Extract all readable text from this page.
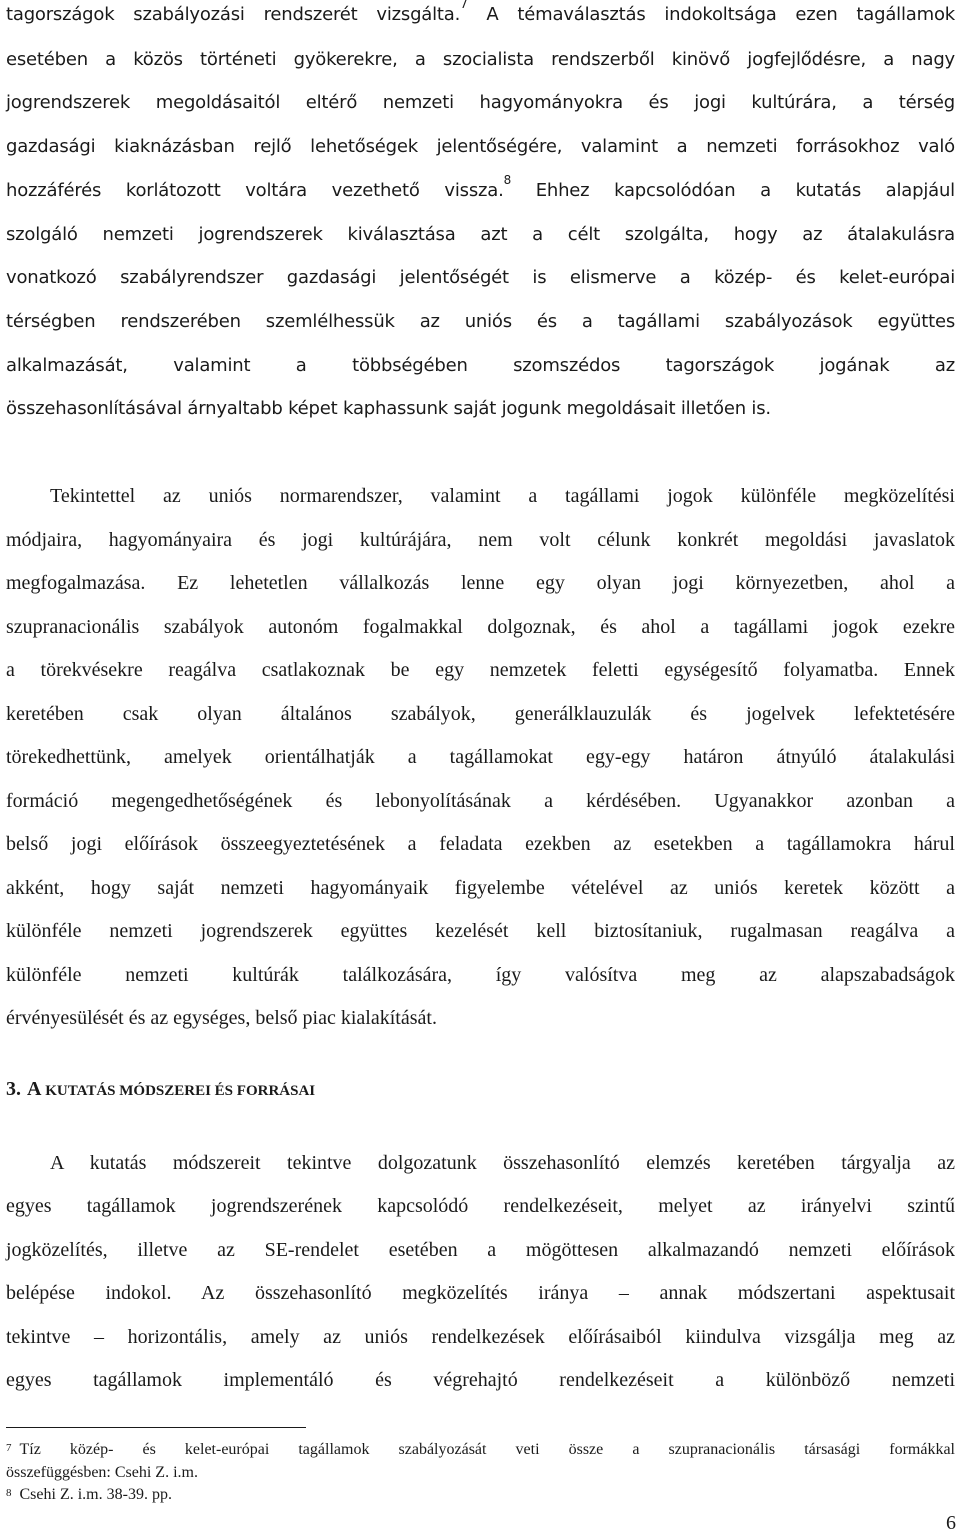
tagországok szabályozási rendszerét vizsgálta.$^7$ A témaválasztás indokoltsága ezen tagállamok
esetében a közös történeti gyökerekre, a szocialista rendszerből kinövő jogfejlődésre, a nagy
jogrendszerek megoldásaitól eltérő nemzeti hagyományokra és jogi kultúrára, a térség
gazdasági kiaknázásban rejlő lehetőségek jelentőségére, valamint a nemzeti forrásokhoz való
hozzáférés korlátozott voltára vezethető vissza.$^8$ Ehhez kapcsolódóan a kutatás alapjául
szolgáló nemzeti jogrendszerek kiválasztása azt a célt szolgálta, hogy az átalakulásra
vonatkozó szabályrendszer gazdasági jelentőségét is elismerve a közép- és kelet-európai
térségben rendszerében szemlélhessük az uniós és a tagállami szabályozások együttes
alkalmazását, valamint a többségében szomszédos tagországok jogának az
összehasonlításával árnyaltabb képet kaphassunk saját jogunk megoldásait illetően is.
Tekintettel az uniós normarendszer, valamint a tagállami jogok különféle megközelítési
módjaira, hagyományaira és jogi kultúrájára, nem volt célunk konkrét megoldási javaslatok
megfogalmazása. Ez lehetetlen vállalkozás lenne egy olyan jogi környezetben, ahol a
szupranacionális szabályok autonóm fogalmakkal dolgoznak, és ahol a tagállami jogok ezekre
a törekvésekre reagálva csatlakoznak be egy nemzetek feletti egységesítő folyamatba. Ennek
keretében csak olyan általános szabályok, generálklauzulák és jogelvek lefektetésére
törekedhettünk, amelyek orientálhatják a tagállamokat egy-egy határon átnyúló átalakulási
formáció megengedhetőségének és lebonyolításának a kérdésében. Ugyanakkor azonban a
belső jogi előírások összeegyeztetésének a feladata ezekben az esetekben a tagállamokra hárul
akként, hogy saját nemzeti hagyományaik figyelembe vételével az uniós keretek között a
különféle nemzeti jogrendszerek együttes kezelését kell biztosítaniuk, rugalmasan reagálva a
különféle nemzeti kultúrák találkozására, így valósítva meg az alapszabadságok
érvényesülését és az egységes, belső piac kialakítását.
3. A KUTATÁS MÓDSZEREI ÉS FORRÁSAI
A kutatás módszereit tekintve dolgozatunk összehasonlító elemzés keretében tárgyalja az
egyes tagállamok jogrendszerének kapcsolódó rendelkezéseit, melyet az irányelvi szintű
jogközelítés, illetve az SE-rendelet esetében a mögöttesen alkalmazandó nemzeti előírások
belépése indokol. Az összehasonlító megközelítés iránya – annak módszertani aspektusait
tekintve – horizontális, amely az uniós rendelkezések előírásaiból kiindulva vizsgálja meg az
egyes tagállamok implementáló és végrehajtó rendelkezéseit a különböző nemzeti
$^7$ Tíz közép- és kelet-európai tagállamok szabályozását veti össze a szupranacionális társasági formákkal
összefüggésben: Csehi Z. i.m.
$^8$ Csehi Z. i.m. 38-39. pp.
6
